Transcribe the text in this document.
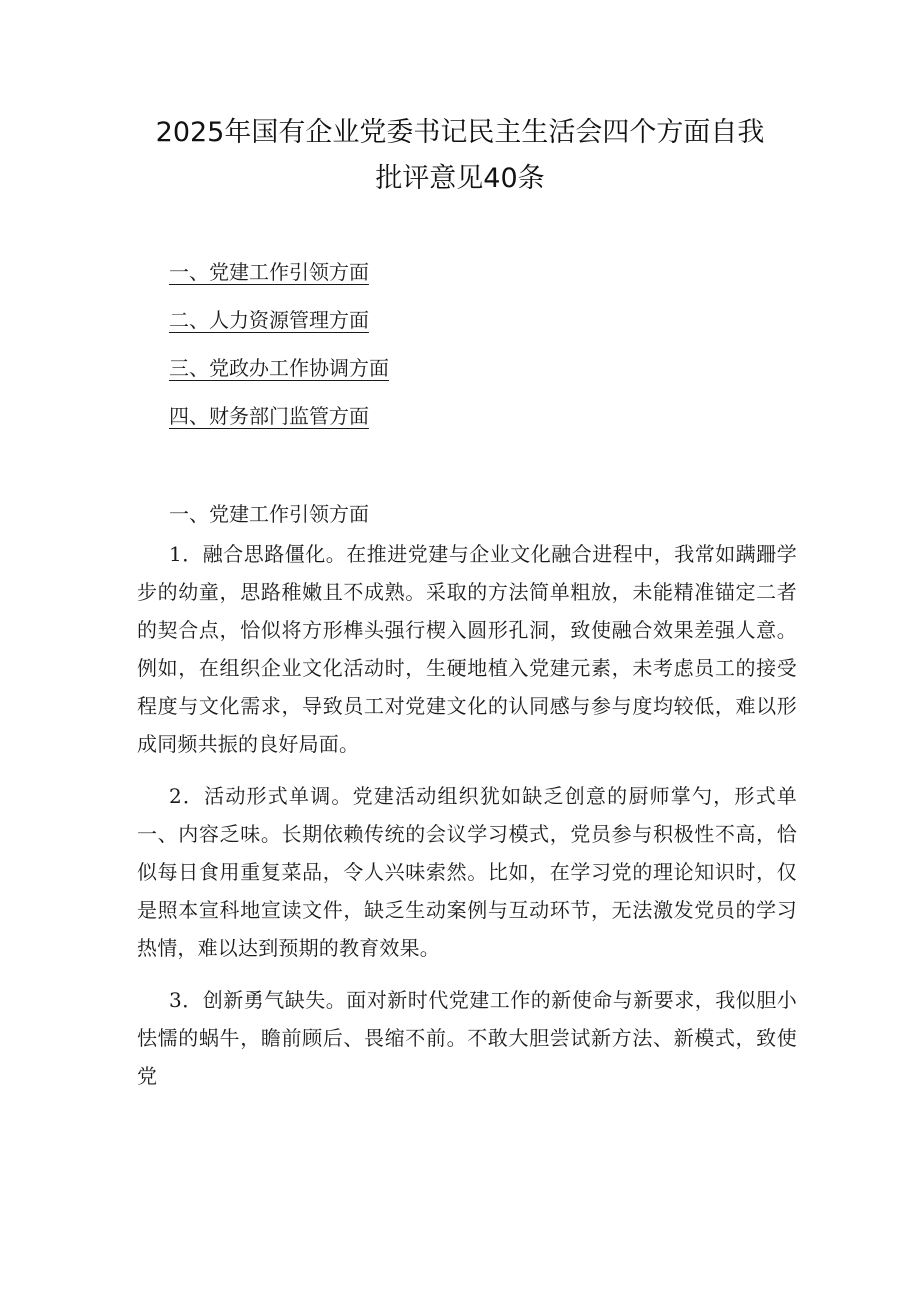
2025年国有企业党委书记民主生活会四个方面自我
批评意见40条
一、党建工作引领方面
二、人力资源管理方面
三、党政办工作协调方面
四、财务部门监管方面
一、党建工作引领方面

1．融合思路僵化。在推进党建与企业文化融合进程中，我常如蹒跚学步的幼童，思路稚嫩且不成熟。采取的方法简单粗放，未能精准锚定二者的契合点，恰似将方形榫头强行楔入圆形孔洞，致使融合效果差强人意。例如，在组织企业文化活动时，生硬地植入党建元素，未考虑员工的接受程度与文化需求，导致员工对党建文化的认同感与参与度均较低，难以形成同频共振的良好局面。

2．活动形式单调。党建活动组织犹如缺乏创意的厨师掌勺，形式单一、内容乏味。长期依赖传统的会议学习模式，党员参与积极性不高，恰似每日食用重复菜品，令人兴味索然。比如，在学习党的理论知识时，仅是照本宣科地宣读文件，缺乏生动案例与互动环节，无法激发党员的学习热情，难以达到预期的教育效果。

3．创新勇气缺失。面对新时代党建工作的新使命与新要求，我似胆小怯懦的蜗牛，瞻前顾后、畏缩不前。不敢大胆尝试新方法、新模式，致使党
